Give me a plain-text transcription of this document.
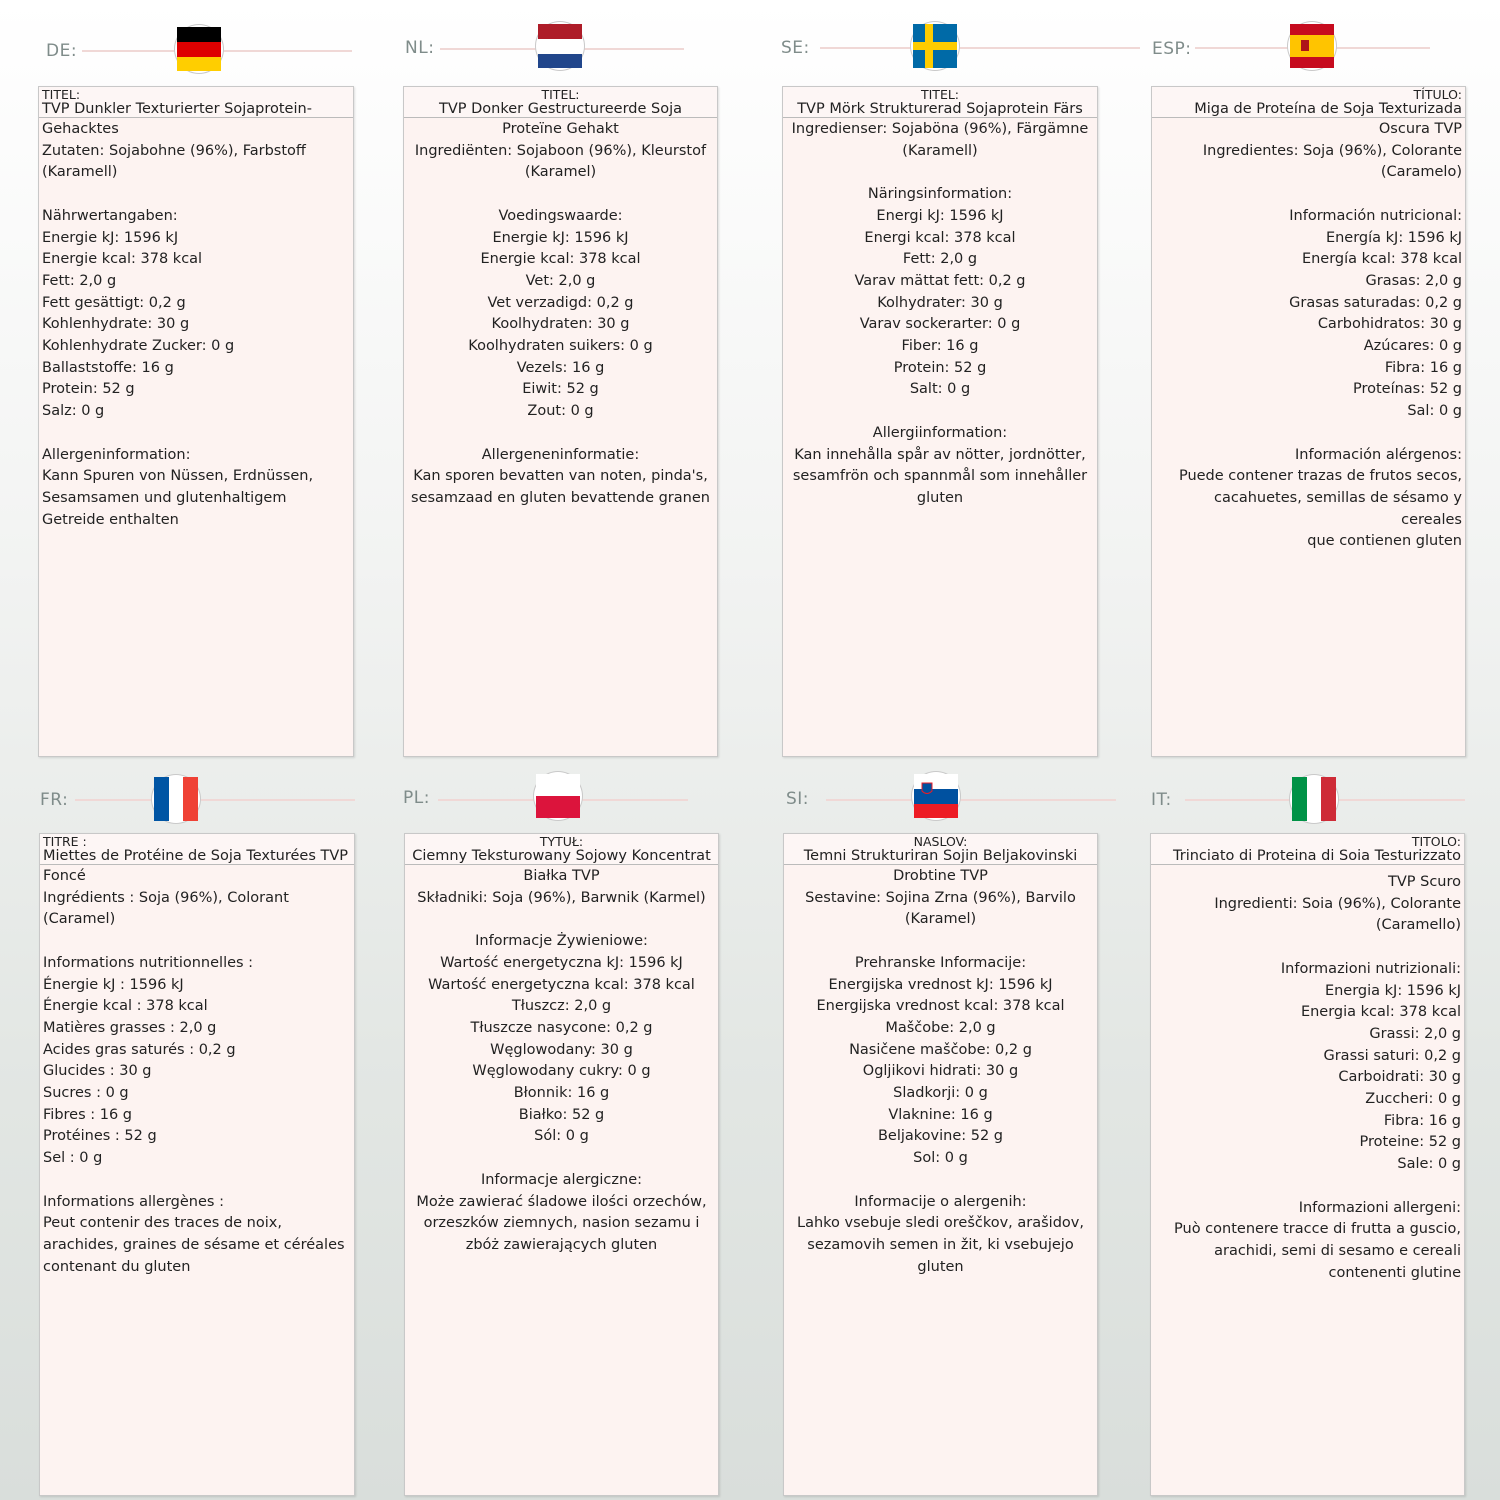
DE:
TITEL:
TVP Dunkler Texturierter Sojaprotein-
Gehacktes
Zutaten: Sojabohne (96%), Farbstoff
(Karamell)

Nährwertangaben:
Energie kJ: 1596 kJ
Energie kcal: 378 kcal
Fett: 2,0 g
Fett gesättigt: 0,2 g
Kohlenhydrate: 30 g
Kohlenhydrate Zucker: 0 g
Ballaststoffe: 16 g
Protein: 52 g
Salz: 0 g

Allergeninformation:
Kann Spuren von Nüssen, Erdnüssen,
Sesamsamen und glutenhaltigem
Getreide enthalten
NL:
TITEL:
TVP Donker Gestructureerde Soja
Proteïne Gehakt
Ingrediënten: Sojaboon (96%), Kleurstof
(Karamel)

Voedingswaarde:
Energie kJ: 1596 kJ
Energie kcal: 378 kcal
Vet: 2,0 g
Vet verzadigd: 0,2 g
Koolhydraten: 30 g
Koolhydraten suikers: 0 g
Vezels: 16 g
Eiwit: 52 g
Zout: 0 g

Allergeneninformatie:
Kan sporen bevatten van noten, pinda's,
sesamzaad en gluten bevattende granen
SE:
TITEL:
TVP Mörk Strukturerad Sojaprotein Färs
Ingredienser: Sojaböna (96%), Färgämne
(Karamell)

Näringsinformation:
Energi kJ: 1596 kJ
Energi kcal: 378 kcal
Fett: 2,0 g
Varav mättat fett: 0,2 g
Kolhydrater: 30 g
Varav sockerarter: 0 g
Fiber: 16 g
Protein: 52 g
Salt: 0 g

Allergiinformation:
Kan innehålla spår av nötter, jordnötter,
sesamfrön och spannmål som innehåller
gluten
ESP:
TÍTULO:
Miga de Proteína de Soja Texturizada
Oscura TVP
Ingredientes: Soja (96%), Colorante
(Caramelo)

Información nutricional:
Energía kJ: 1596 kJ
Energía kcal: 378 kcal
Grasas: 2,0 g
Grasas saturadas: 0,2 g
Carbohidratos: 30 g
Azúcares: 0 g
Fibra: 16 g
Proteínas: 52 g
Sal: 0 g

Información alérgenos:
Puede contener trazas de frutos secos,
cacahuetes, semillas de sésamo y cereales
que contienen gluten
FR:
TITRE :
Miettes de Protéine de Soja Texturées TVP
Foncé
Ingrédients : Soja (96%), Colorant
(Caramel)

Informations nutritionnelles :
Énergie kJ : 1596 kJ
Énergie kcal : 378 kcal
Matières grasses : 2,0 g
Acides gras saturés : 0,2 g
Glucides : 30 g
Sucres : 0 g
Fibres : 16 g
Protéines : 52 g
Sel : 0 g

Informations allergènes :
Peut contenir des traces de noix,
arachides, graines de sésame et céréales
contenant du gluten
PL:
TYTUŁ:
Ciemny Teksturowany Sojowy Koncentrat
Białka TVP
Składniki: Soja (96%), Barwnik (Karmel)

Informacje Żywieniowe:
Wartość energetyczna kJ: 1596 kJ
Wartość energetyczna kcal: 378 kcal
Tłuszcz: 2,0 g
Tłuszcze nasycone: 0,2 g
Węglowodany: 30 g
Węglowodany cukry: 0 g
Błonnik: 16 g
Białko: 52 g
Sól: 0 g

Informacje alergiczne:
Może zawierać śladowe ilości orzechów,
orzeszków ziemnych, nasion sezamu i
zbóż zawierających gluten
SI:
NASLOV:
Temni Strukturiran Sojin Beljakovinski
Drobtine TVP
Sestavine: Sojina Zrna (96%), Barvilo
(Karamel)

Prehranske Informacije:
Energijska vrednost kJ: 1596 kJ
Energijska vrednost kcal: 378 kcal
Maščobe: 2,0 g
Nasičene maščobe: 0,2 g
Ogljikovi hidrati: 30 g
Sladkorji: 0 g
Vlaknine: 16 g
Beljakovine: 52 g
Sol: 0 g

Informacije o alergenih:
Lahko vsebuje sledi oreščkov, arašidov,
sezamovih semen in žit, ki vsebujejo
gluten
IT:
TITOLO:
Trinciato di Proteina di Soia Testurizzato
TVP Scuro
Ingredienti: Soia (96%), Colorante
(Caramello)

Informazioni nutrizionali:
Energia kJ: 1596 kJ
Energia kcal: 378 kcal
Grassi: 2,0 g
Grassi saturi: 0,2 g
Carboidrati: 30 g
Zuccheri: 0 g
Fibra: 16 g
Proteine: 52 g
Sale: 0 g

Informazioni allergeni:
Può contenere tracce di frutta a guscio,
arachidi, semi di sesamo e cereali
contenenti glutine
